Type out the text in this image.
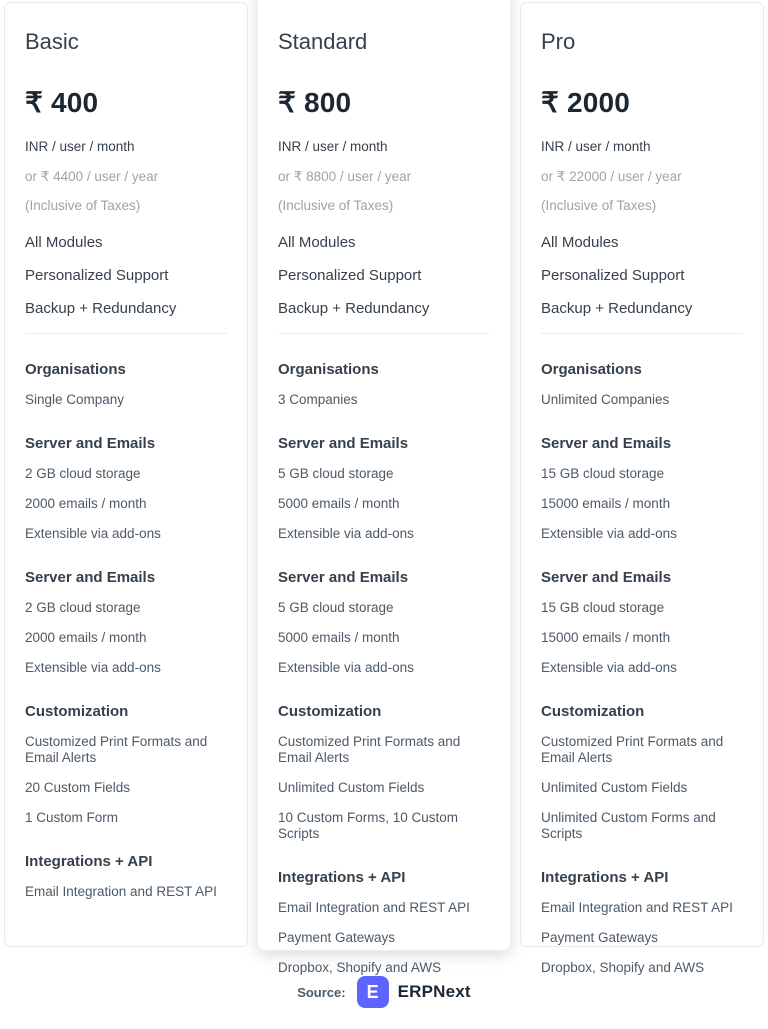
Basic
₹ 400
INR / user / month
or ₹ 4400 / user / year
(Inclusive of Taxes)
All Modules
Personalized Support
Backup + Redundancy
Organisations
Single Company
Server and Emails
2 GB cloud storage
2000 emails / month
Extensible via add-ons
Server and Emails
2 GB cloud storage
2000 emails / month
Extensible via add-ons
Customization
Customized Print Formats and Email Alerts
20 Custom Fields
1 Custom Form
Integrations + API
Email Integration and REST API
Standard
₹ 800
INR / user / month
or ₹ 8800 / user / year
(Inclusive of Taxes)
All Modules
Personalized Support
Backup + Redundancy
Organisations
3 Companies
Server and Emails
5 GB cloud storage
5000 emails / month
Extensible via add-ons
Server and Emails
5 GB cloud storage
5000 emails / month
Extensible via add-ons
Customization
Customized Print Formats and Email Alerts
Unlimited Custom Fields
10 Custom Forms, 10 Custom Scripts
Integrations + API
Email Integration and REST API
Payment Gateways
Dropbox, Shopify and AWS
Pro
₹ 2000
INR / user / month
or ₹ 22000 / user / year
(Inclusive of Taxes)
All Modules
Personalized Support
Backup + Redundancy
Organisations
Unlimited Companies
Server and Emails
15 GB cloud storage
15000 emails / month
Extensible via add-ons
Server and Emails
15 GB cloud storage
15000 emails / month
Extensible via add-ons
Customization
Customized Print Formats and Email Alerts
Unlimited Custom Fields
Unlimited Custom Forms and Scripts
Integrations + API
Email Integration and REST API
Payment Gateways
Dropbox, Shopify and AWS
Source:	E	ERPNext
